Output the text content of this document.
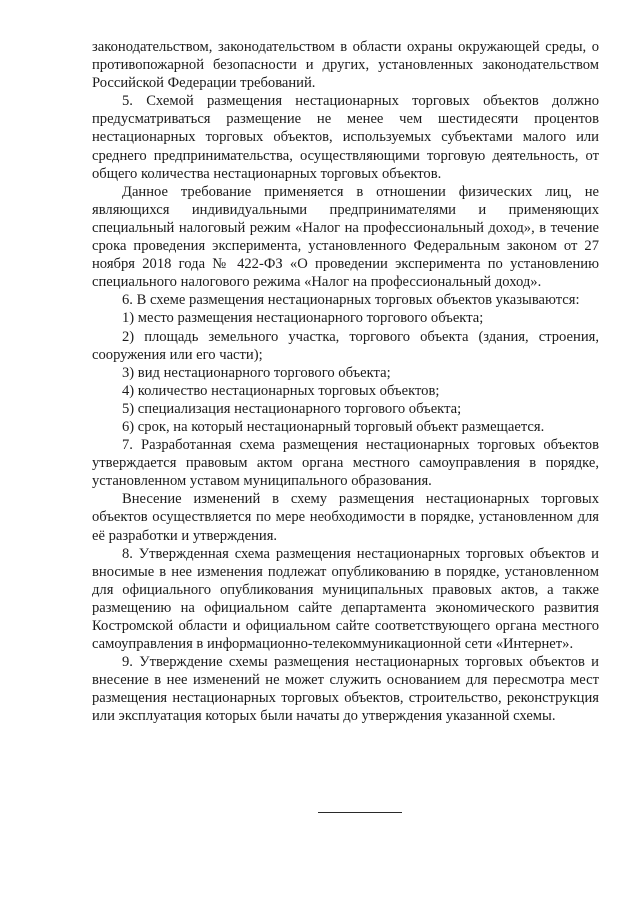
законодательством, законодательством в области охраны окружающей среды, о противопожарной безопасности и других, установленных законодательством Российской Федерации требований.

5. Схемой размещения нестационарных торговых объектов должно предусматриваться размещение не менее чем шестидесяти процентов нестационарных торговых объектов, используемых субъектами малого или среднего предпринимательства, осуществляющими торговую деятельность, от общего количества нестационарных торговых объектов.

Данное требование применяется в отношении физических лиц, не являющихся индивидуальными предпринимателями и применяющих специальный налоговый режим «Налог на профессиональный доход», в течение срока проведения эксперимента, установленного Федеральным законом от 27 ноября 2018 года № 422-ФЗ «О проведении эксперимента по установлению специального налогового режима «Налог на профессиональный доход».

6. В схеме размещения нестационарных торговых объектов указываются:

1) место размещения нестационарного торгового объекта;

2) площадь земельного участка, торгового объекта (здания, строения, сооружения или его части);

3) вид нестационарного торгового объекта;

4) количество нестационарных торговых объектов;

5) специализация нестационарного торгового объекта;

6) срок, на который нестационарный торговый объект размещается.

7. Разработанная схема размещения нестационарных торговых объектов утверждается правовым актом органа местного самоуправления в порядке, установленном уставом муниципального образования.

Внесение изменений в схему размещения нестационарных торговых объектов осуществляется по мере необходимости в порядке, установленном для её разработки и утверждения.

8. Утвержденная схема размещения нестационарных торговых объектов и вносимые в нее изменения подлежат опубликованию в порядке, установленном для официального опубликования муниципальных правовых актов, а также размещению на официальном сайте департамента экономического развития Костромской области и официальном сайте соответствующего органа местного самоуправления в информационно-телекоммуникационной сети «Интернет».

9. Утверждение схемы размещения нестационарных торговых объектов и внесение в нее изменений не может служить основанием для пересмотра мест размещения нестационарных торговых объектов, строительство, реконструкция или эксплуатация которых были начаты до утверждения указанной схемы.
